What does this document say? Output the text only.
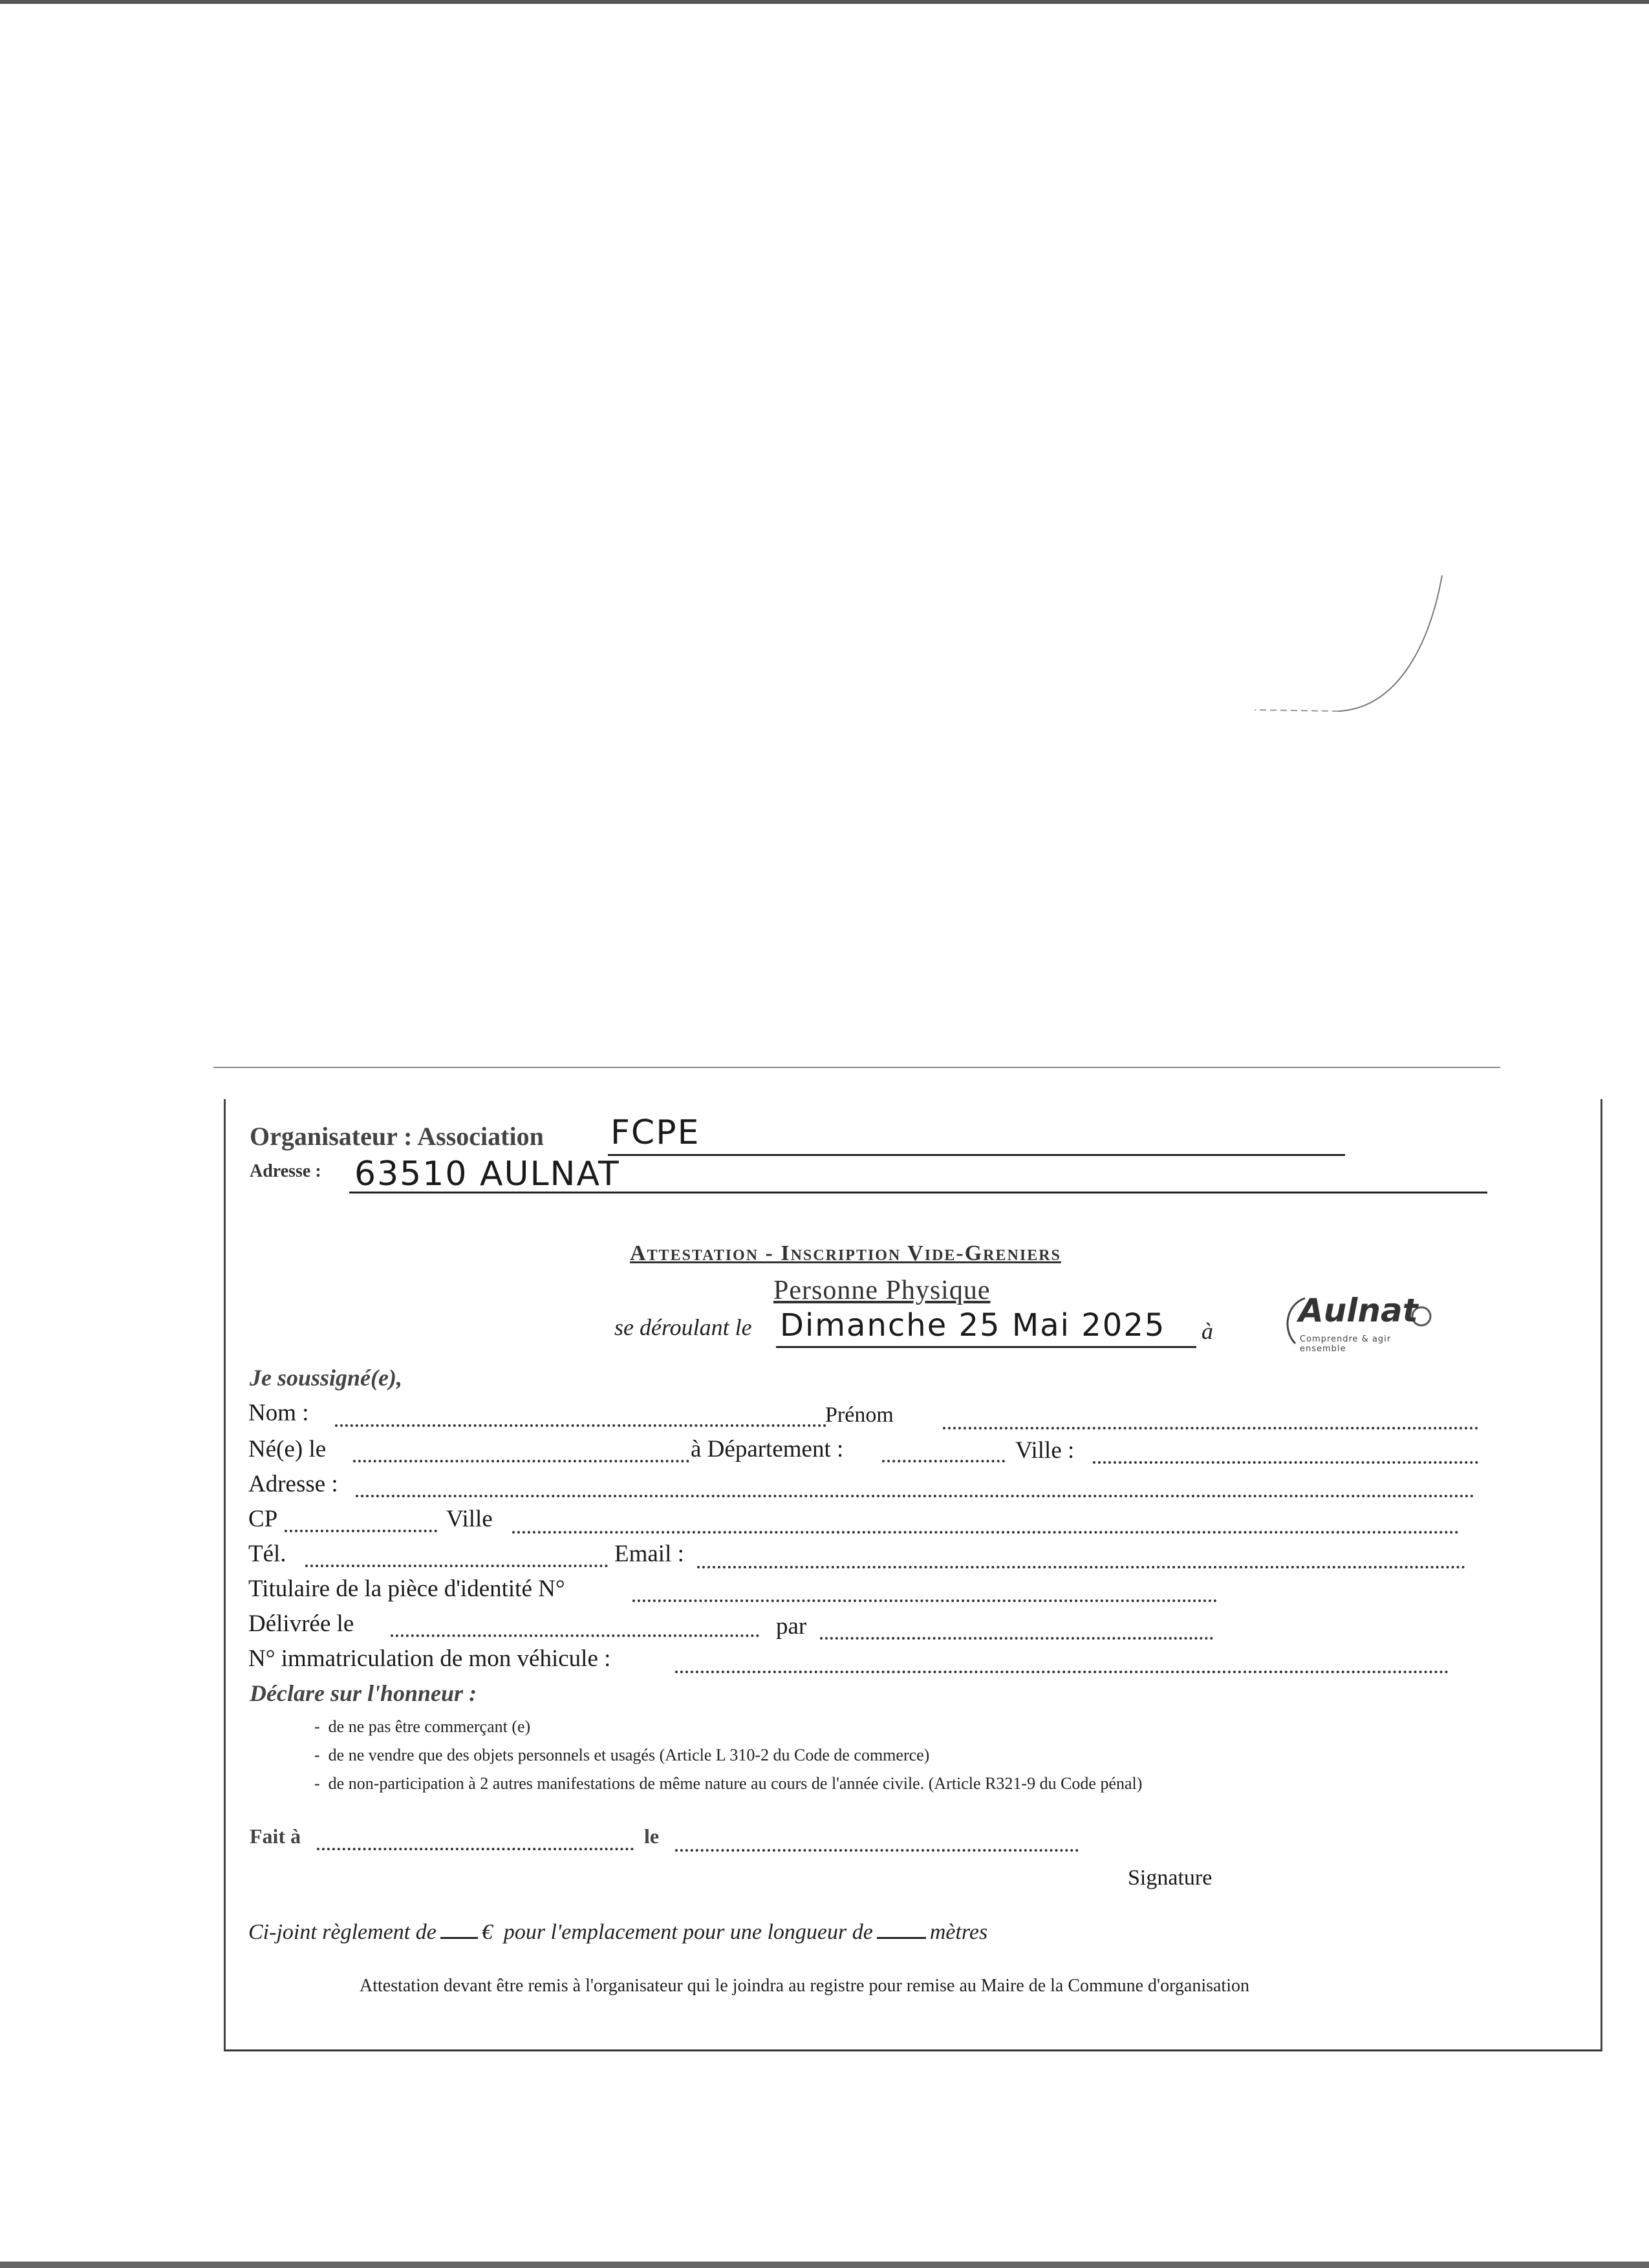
Organisateur : Association FCPE
Adresse : 63510 AULNAT
Attestation - Inscription Vide-Greniers
Personne Physique
se déroulant le Dimanche 25 Mai 2025 à
Aulnat
Comprendre & agir ensemble
Je soussigné(e),
Nom :	Prénom
Né(e) le	à Département :	Ville :
Adresse :
CP	Ville
Tél.	Email :
Titulaire de la pièce d'identité N°
Délivrée le	par
N° immatriculation de mon véhicule :
Déclare sur l'honneur :
-  de ne pas être commerçant (e)
-  de ne vendre que des objets personnels et usagés (Article L 310-2 du Code de commerce)
-  de non-participation à 2 autres manifestations de même nature au cours de l'année civile. (Article R321-9 du Code pénal)
Fait à	le
Signature
Ci-joint règlement de € pour l'emplacement pour une longueur de	mètres
Attestation devant être remis à l'organisateur qui le joindra au registre pour remise au Maire de la Commune d'organisation
